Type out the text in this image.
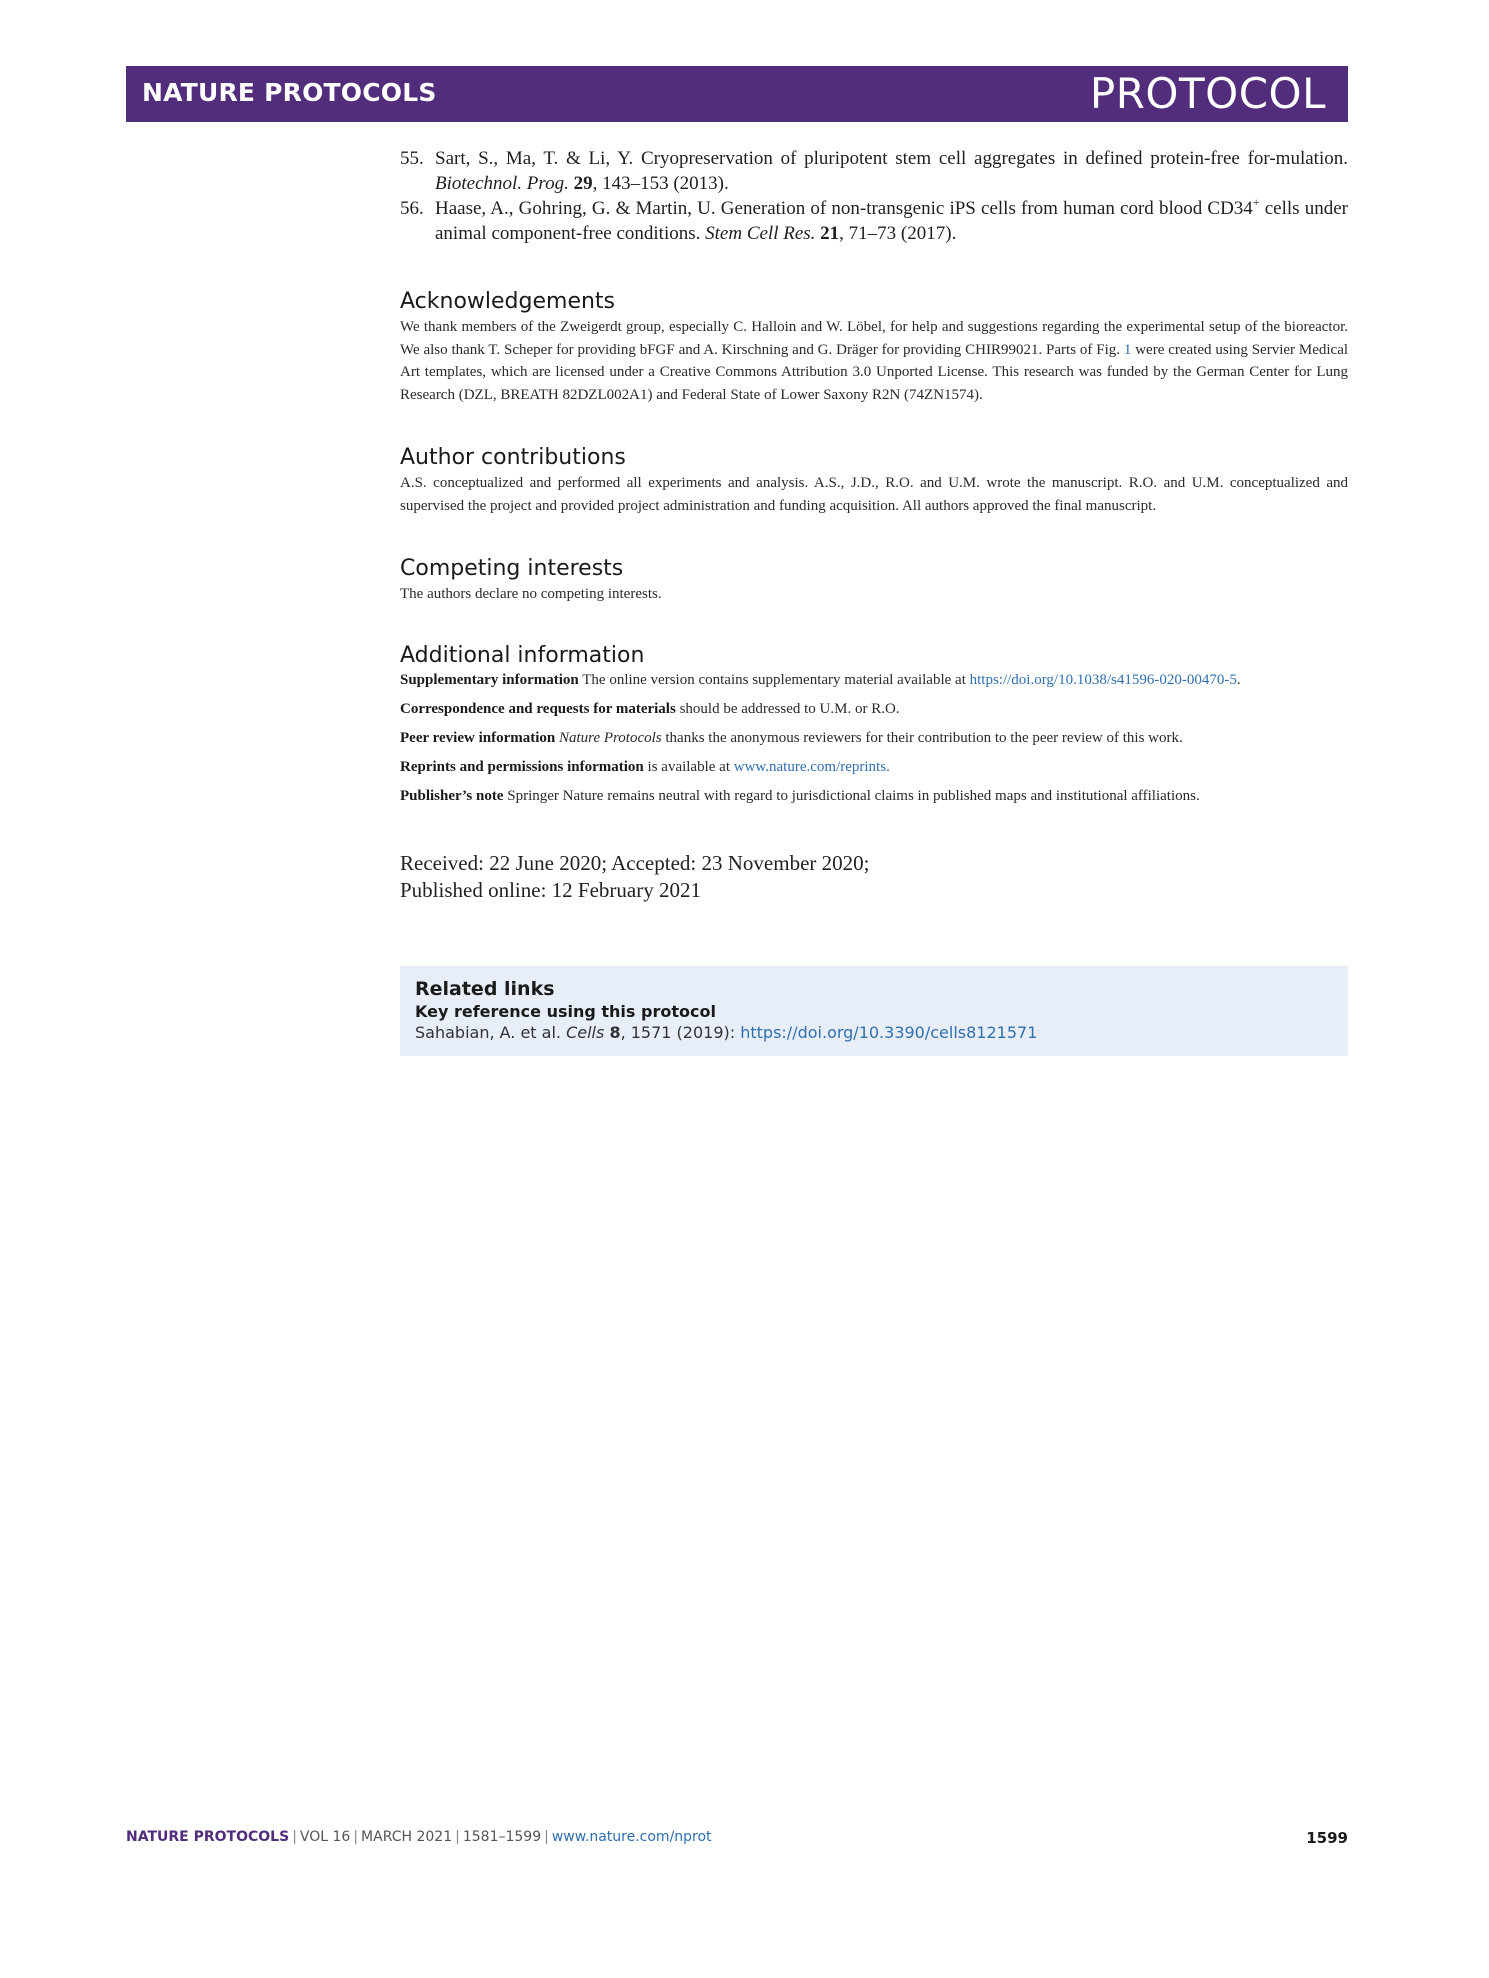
NATURE PROTOCOLS	PROTOCOL
55. Sart, S., Ma, T. & Li, Y. Cryopreservation of pluripotent stem cell aggregates in defined protein-free for-mulation. Biotechnol. Prog. 29, 143–153 (2013).
56. Haase, A., Gohring, G. & Martin, U. Generation of non-transgenic iPS cells from human cord blood CD34+ cells under animal component-free conditions. Stem Cell Res. 21, 71–73 (2017).
Acknowledgements

We thank members of the Zweigerdt group, especially C. Halloin and W. Löbel, for help and suggestions regarding the experimental setup of the bioreactor. We also thank T. Scheper for providing bFGF and A. Kirschning and G. Dräger for providing CHIR99021. Parts of Fig. 1 were created using Servier Medical Art templates, which are licensed under a Creative Commons Attribution 3.0 Unported License. This research was funded by the German Center for Lung Research (DZL, BREATH 82DZL002A1) and Federal State of Lower Saxony R2N (74ZN1574).

Author contributions

A.S. conceptualized and performed all experiments and analysis. A.S., J.D., R.O. and U.M. wrote the manuscript. R.O. and U.M. conceptualized and supervised the project and provided project administration and funding acquisition. All authors approved the final manuscript.

Competing interests

The authors declare no competing interests.

Additional information

Supplementary information The online version contains supplementary material available at https://doi.org/10.1038/s41596-020-00470-5.

Correspondence and requests for materials should be addressed to U.M. or R.O.

Peer review information Nature Protocols thanks the anonymous reviewers for their contribution to the peer review of this work.

Reprints and permissions information is available at www.nature.com/reprints.

Publisher’s note Springer Nature remains neutral with regard to jurisdictional claims in published maps and institutional affiliations.

Received: 22 June 2020; Accepted: 23 November 2020;
Published online: 12 February 2021
Related links
Key reference using this protocol
Sahabian, A. et al. Cells 8, 1571 (2019): https://doi.org/10.3390/cells8121571
NATURE PROTOCOLS | VOL 16 | MARCH 2021 | 1581–1599 | www.nature.com/nprot	1599
